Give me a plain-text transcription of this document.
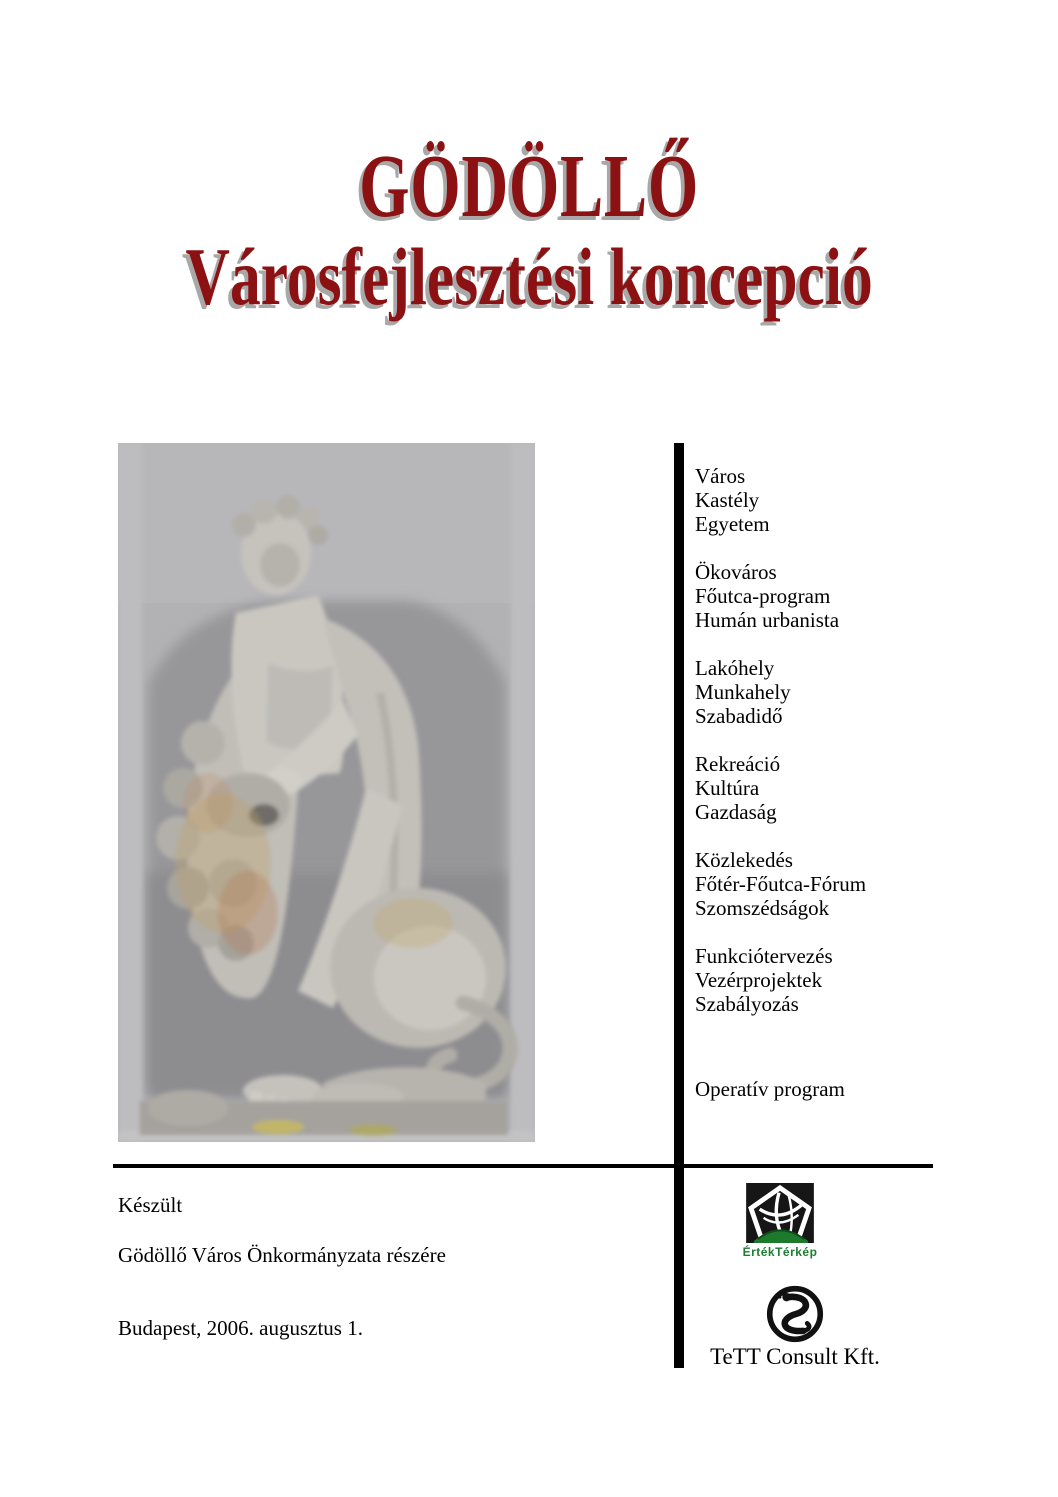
GÖDÖLLŐ
Városfejlesztési koncepció
Város
Kastély
Egyetem
Ökováros
Főutca-program
Humán urbanista
Lakóhely
Munkahely
Szabadidő
Rekreáció
Kultúra
Gazdaság
Közlekedés
Főtér-Főutca-Fórum
Szomszédságok
Funkciótervezés
Vezérprojektek
Szabályozás
Operatív program
Készült
Gödöllő Város Önkormányzata részére
Budapest, 2006. augusztus 1.
ÉrtékTérkép
TeTT Consult Kft.
